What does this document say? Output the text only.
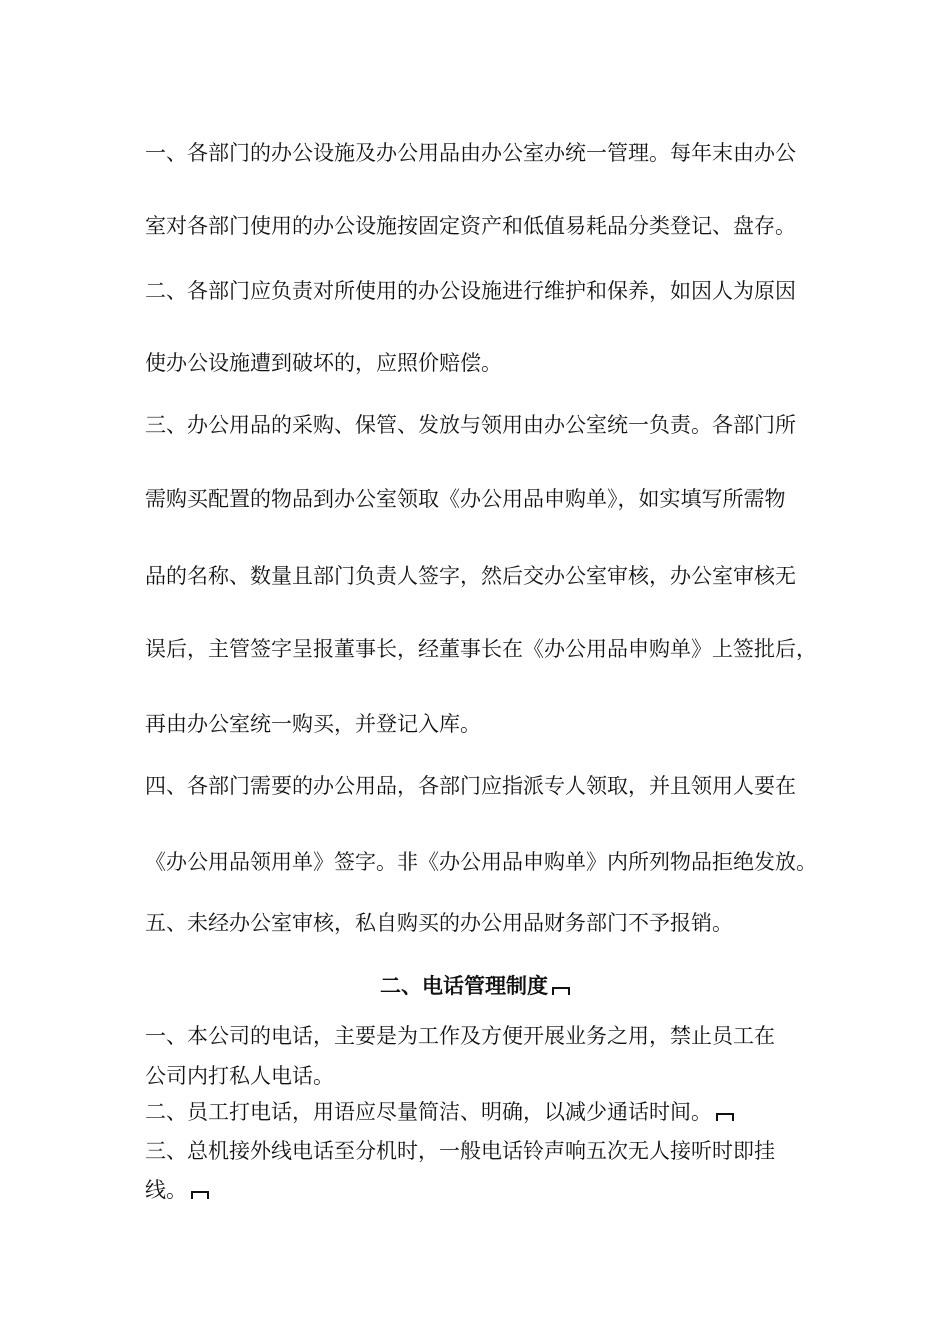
一、各部门的办公设施及办公用品由办公室办统一管理。每年末由办公
室对各部门使用的办公设施按固定资产和低值易耗品分类登记、盘存。
二、各部门应负责对所使用的办公设施进行维护和保养，如因人为原因
使办公设施遭到破坏的，应照价赔偿。
三、办公用品的采购、保管、发放与领用由办公室统一负责。各部门所
需购买配置的物品到办公室领取《办公用品申购单》，如实填写所需物
品的名称、数量且部门负责人签字，然后交办公室审核，办公室审核无
误后，主管签字呈报董事长，经董事长在《办公用品申购单》上签批后，
再由办公室统一购买，并登记入库。
四、各部门需要的办公用品，各部门应指派专人领取，并且领用人要在
《办公用品领用单》签字。非《办公用品申购单》内所列物品拒绝发放。
五、未经办公室审核，私自购买的办公用品财务部门不予报销。
二、电话管理制度
一、本公司的电话，主要是为工作及方便开展业务之用，禁止员工在
公司内打私人电话。
二、员工打电话，用语应尽量简洁、明确，以减少通话时间。
三、总机接外线电话至分机时，一般电话铃声响五次无人接听时即挂
线。
